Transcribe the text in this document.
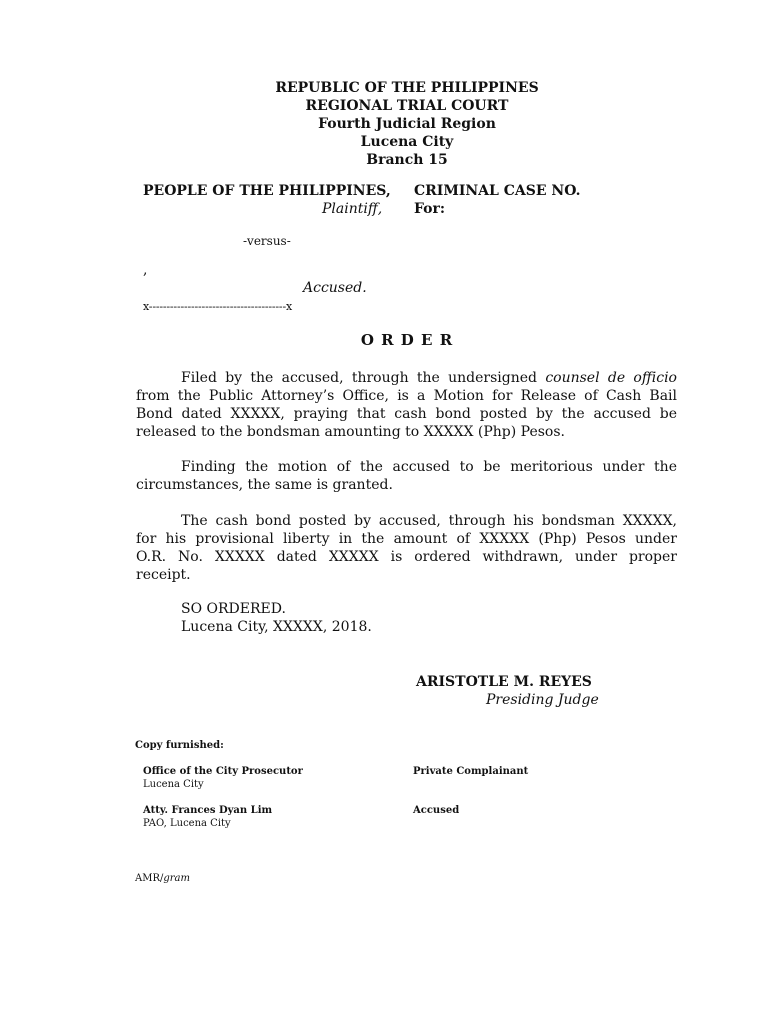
REPUBLIC OF THE PHILIPPINES
REGIONAL TRIAL COURT
Fourth Judicial Region
Lucena City
Branch 15
PEOPLE OF THE PHILIPPINES,
Plaintiff,
CRIMINAL CASE NO.
For:
-versus-
,
Accused.
x---------------------------------------x
O R D E R
Filed by the accused, through the undersigned counsel de officio
from the Public Attorney’s Office, is a Motion for Release of Cash Bail
Bond dated XXXXX, praying that cash bond posted by the accused be
released to the bondsman amounting to XXXXX (Php) Pesos.
Finding the motion of the accused to be meritorious under the
circumstances, the same is granted.
The cash bond posted by accused, through his bondsman XXXXX,
for his provisional liberty in the amount of XXXXX (Php) Pesos under
O.R. No. XXXXX dated XXXXX is ordered withdrawn, under proper
receipt.
SO ORDERED.
Lucena City, XXXXX, 2018.
ARISTOTLE M. REYES
Presiding Judge
Copy furnished:
Office of the City Prosecutor
Lucena City
Atty. Frances Dyan Lim
PAO, Lucena City
Private Complainant
Accused
AMR/gram
